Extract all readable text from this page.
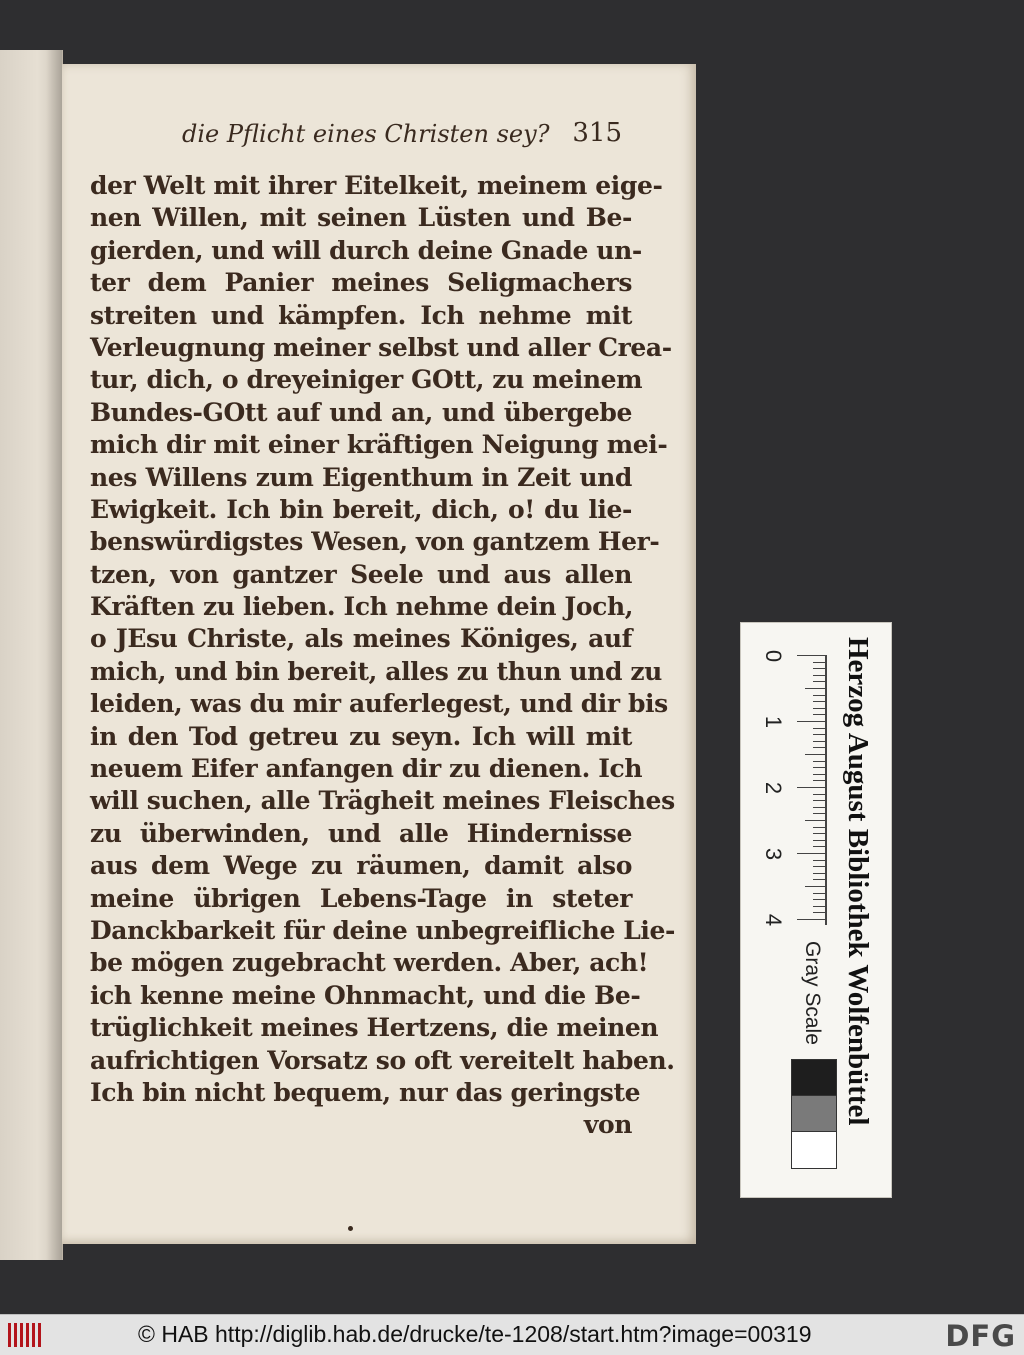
die Pflicht eines Christen sey? 315
der Welt mit ihrer Eitelkeit, meinem eige-
nen Willen, mit seinen Lüsten und Be-
gierden, und will durch deine Gnade un-
ter dem Panier meines Seligmachers
streiten und kämpfen. Ich nehme mit
Verleugnung meiner selbst und aller Crea-
tur, dich, o dreyeiniger GOtt, zu meinem
Bundes-GOtt auf und an, und übergebe
mich dir mit einer kräftigen Neigung mei-
nes Willens zum Eigenthum in Zeit und
Ewigkeit. Ich bin bereit, dich, o! du lie-
benswürdigstes Wesen, von gantzem Her-
tzen, von gantzer Seele und aus allen
Kräften zu lieben. Ich nehme dein Joch,
o JEsu Christe, als meines Königes, auf
mich, und bin bereit, alles zu thun und zu
leiden, was du mir auferlegest, und dir bis
in den Tod getreu zu seyn. Ich will mit
neuem Eifer anfangen dir zu dienen. Ich
will suchen, alle Trägheit meines Fleisches
zu überwinden, und alle Hindernisse
aus dem Wege zu räumen, damit also
meine übrigen Lebens-Tage in steter
Danckbarkeit für deine unbegreifliche Lie-
be mögen zugebracht werden. Aber, ach!
ich kenne meine Ohnmacht, und die Be-
trüglichkeit meines Hertzens, die meinen
aufrichtigen Vorsatz so oft vereitelt haben.
Ich bin nicht bequem, nur das geringste
von
0
1
2
3
4 Herzog August Bibliothek Wolfenbüttel
Gray Scale
© HAB http://diglib.hab.de/drucke/te-1208/start.htm?image=00319	DFG
